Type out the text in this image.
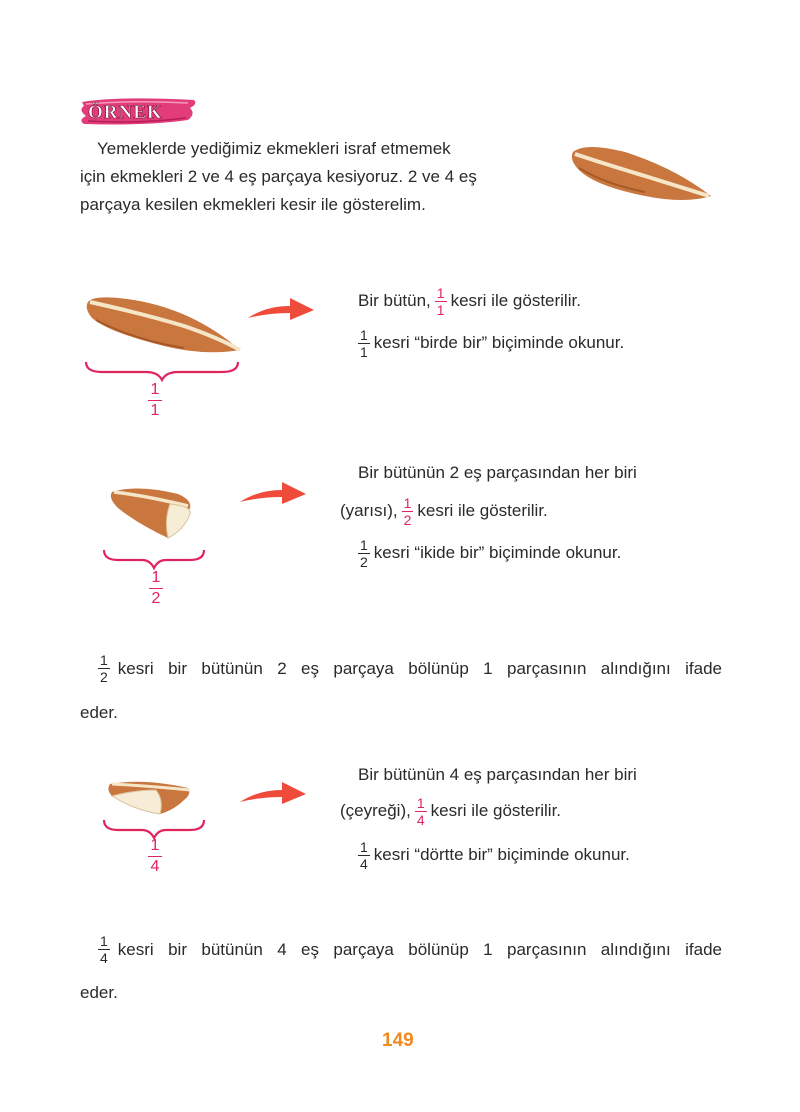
ÖRNEK
Yemeklerde yediğimiz ekmekleri israf etmemek
için ekmekleri 2 ve 4 eş parçaya kesiyoruz. 2 ve 4 eş
parçaya kesilen ekmekleri kesir ile gösterelim.
1
1
Bir bütün, $\frac{1}{1}$ kesri ile gösterilir.
$\frac{1}{1}$ kesri “birde bir” biçiminde okunur.
1
2
Bir bütünün 2 eş parçasından her biri
(yarısı), $\frac{1}{2}$ kesri ile gösterilir.
$\frac{1}{2}$ kesri “ikide bir” biçiminde okunur.
$\frac{1}{2}$ kesri bir bütünün 2 eş parçaya bölünüp 1 parçasının alındığını ifade
eder.
1
4
Bir bütünün 4 eş parçasından her biri
(çeyreği), $\frac{1}{4}$ kesri ile gösterilir.
$\frac{1}{4}$ kesri “dörtte bir” biçiminde okunur.
$\frac{1}{4}$ kesri bir bütünün 4 eş parçaya bölünüp 1 parçasının alındığını ifade
eder.
149
